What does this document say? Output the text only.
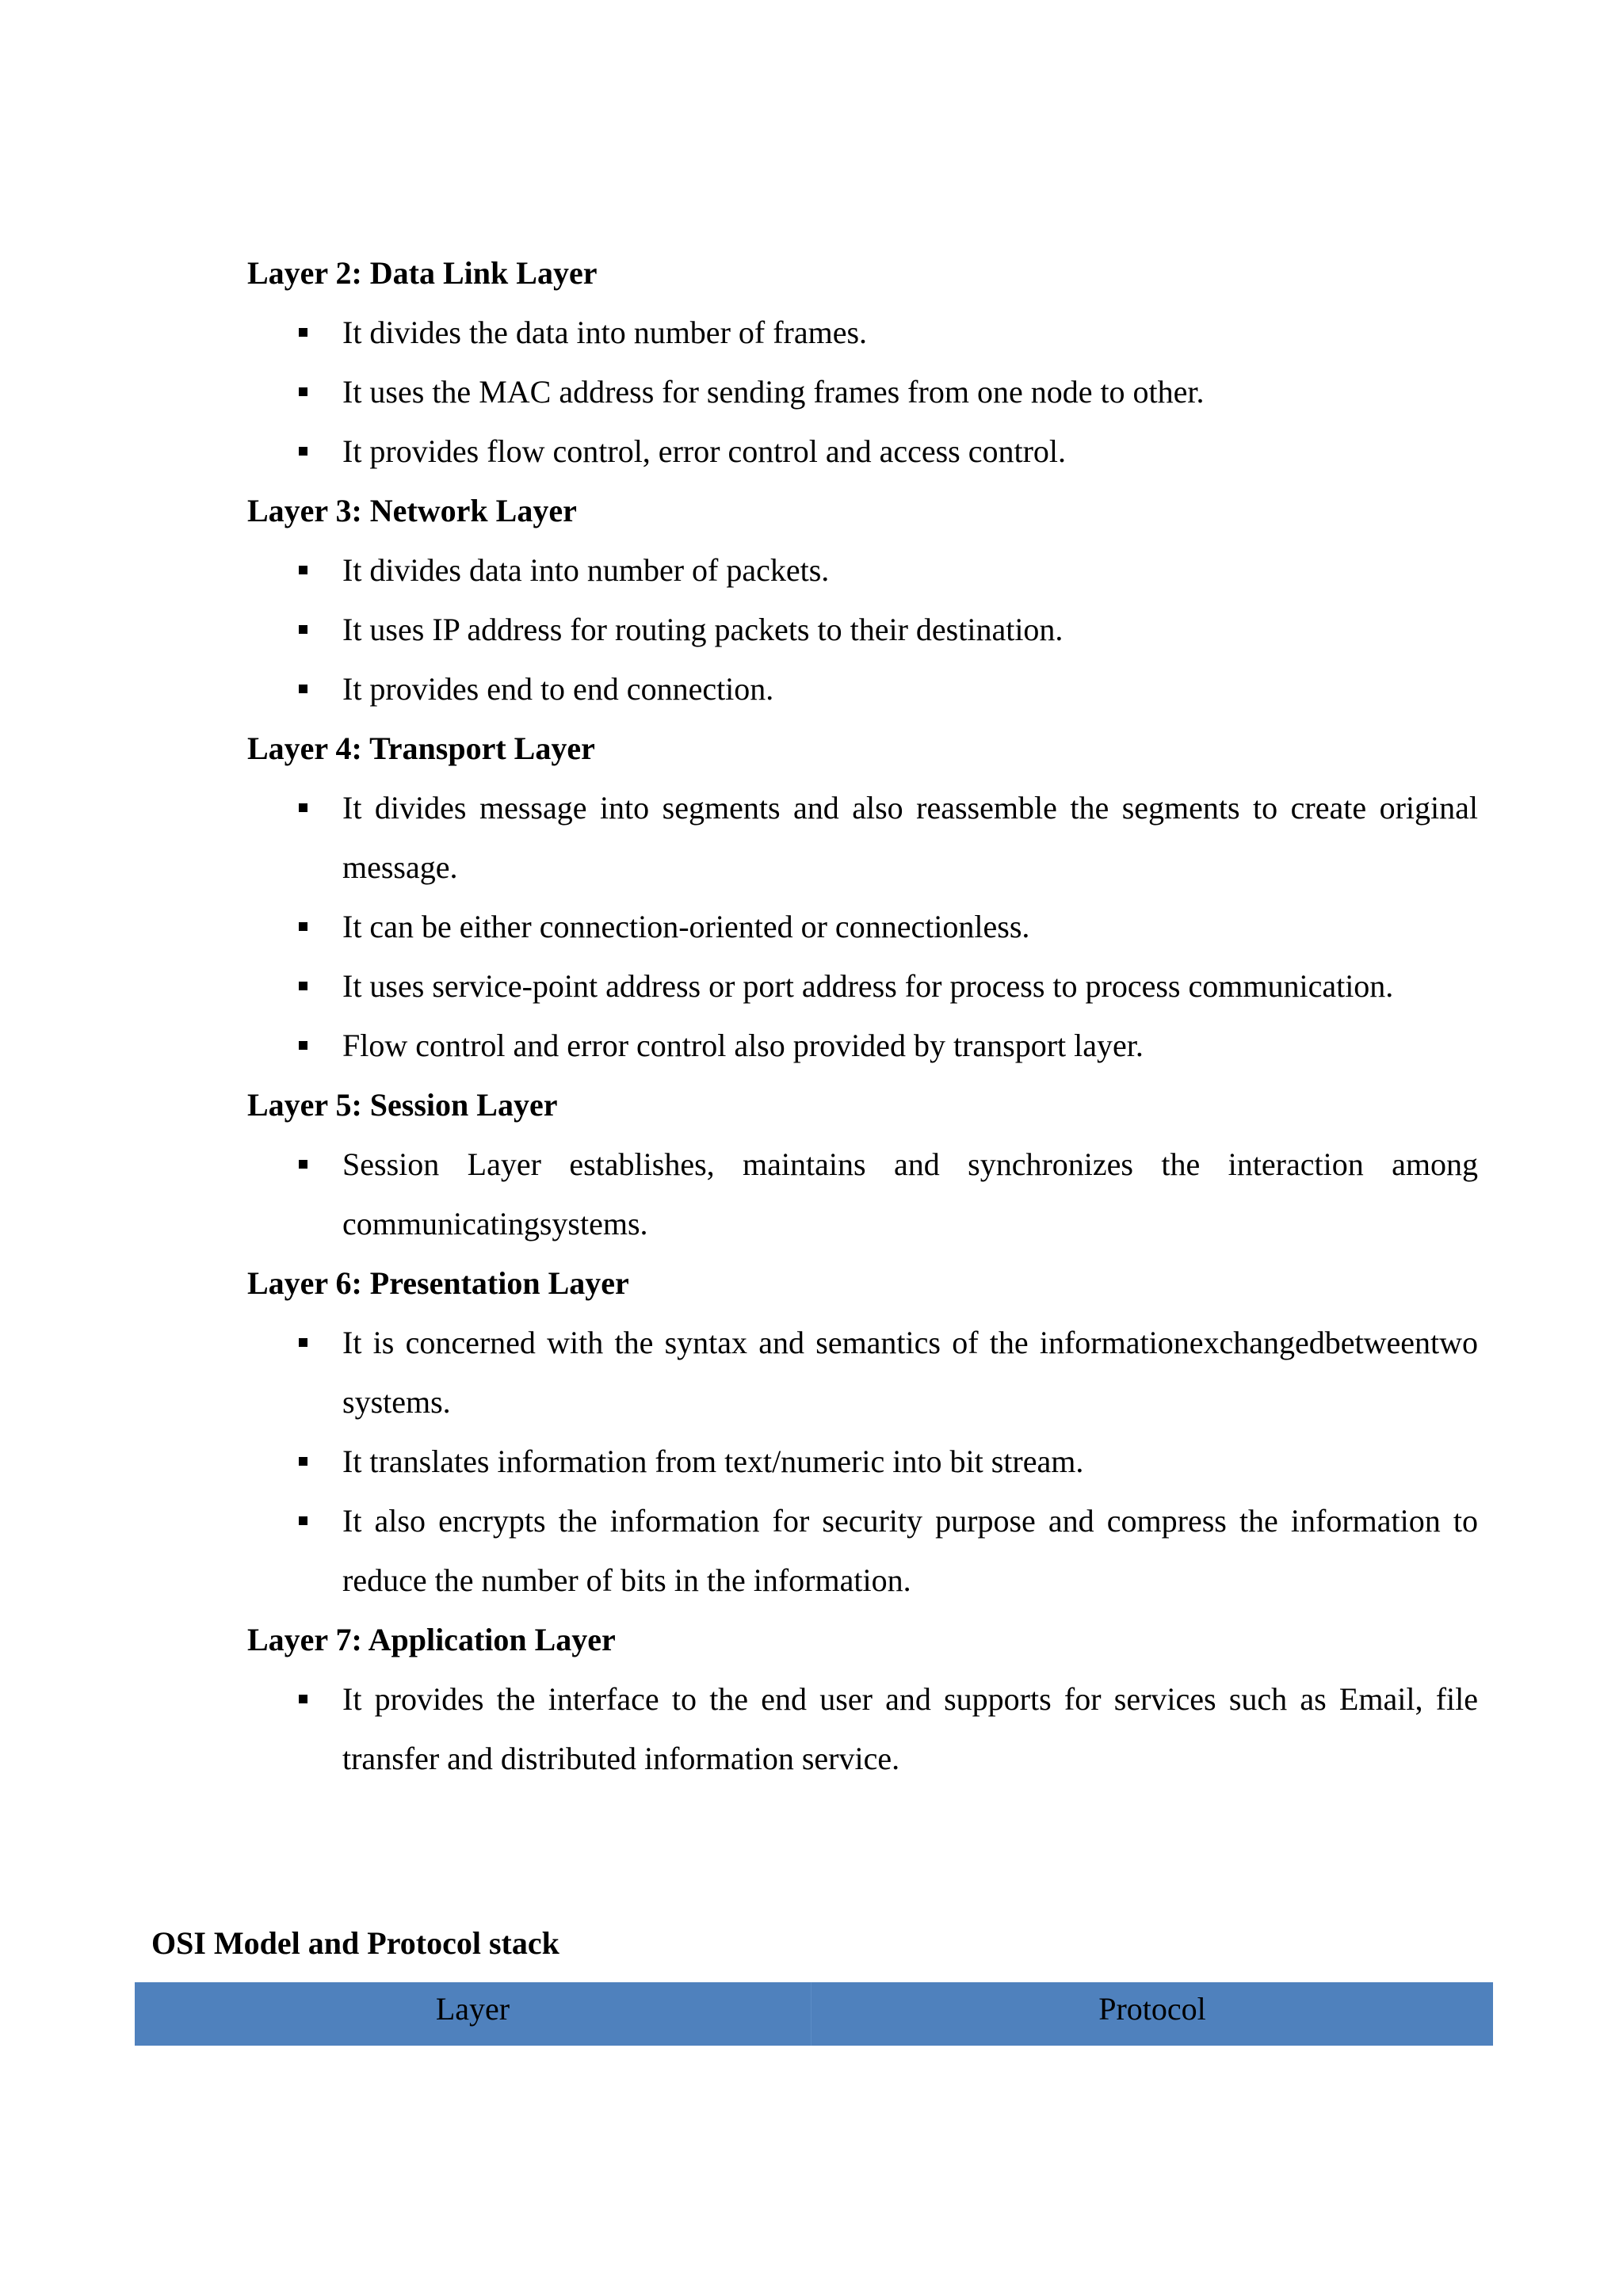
Layer 2: Data Link Layer
It divides the data into number of frames.
It uses the MAC address for sending frames from one node to other.
It provides flow control, error control and access control.
Layer 3: Network Layer
It divides data into number of packets.
It uses IP address for routing packets to their destination.
It provides end to end connection.
Layer 4: Transport Layer
It divides message into segments and also reassemble the segments to create original message.
It can be either connection-oriented or connectionless.
It uses service-point address or port address for process to process communication.
Flow control and error control also provided by transport layer.
Layer 5: Session Layer
Session Layer establishes, maintains and synchronizes the interaction among communicatingsystems.
Layer 6: Presentation Layer
It is concerned with the syntax and semantics of the informationexchangedbetweentwo systems.
It translates information from text/numeric into bit stream.
It also encrypts the information for security purpose and compress the information to reduce the number of bits in the information.
Layer 7: Application Layer
It provides the interface to the end user and supports for services such as Email, file transfer and distributed information service.
OSI Model and Protocol stack
Layer	Protocol
